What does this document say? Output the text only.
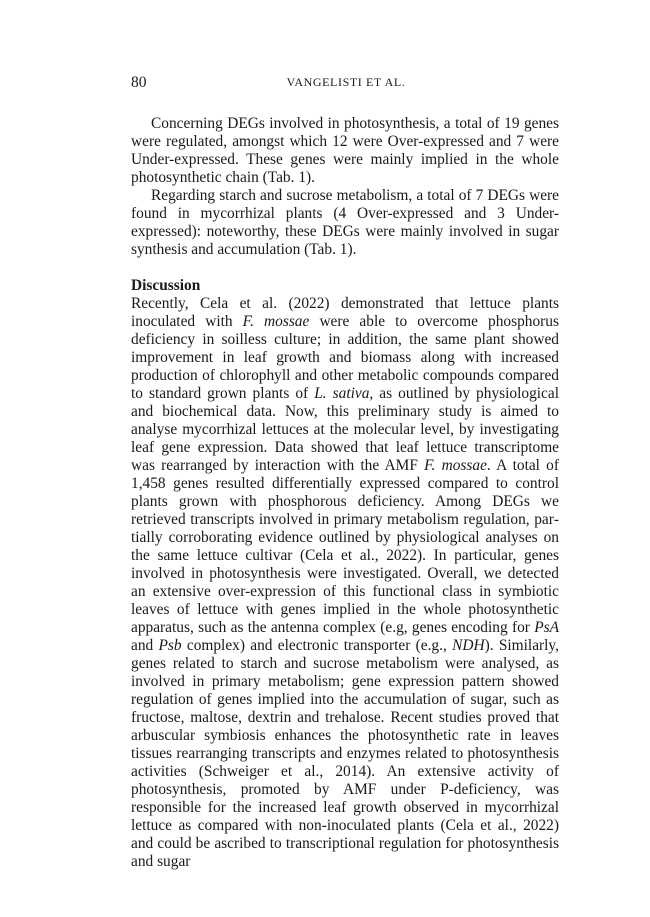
80	VANGELISTI ET AL.

Concerning DEGs involved in photosynthesis, a total of 19 genes were regulated, amongst which 12 were Over-expressed and 7 were Under-expressed. These genes were mainly implied in the whole photosynthetic chain (Tab. 1).

Regarding starch and sucrose metabolism, a total of 7 DEGs were found in mycorrhizal plants (4 Over-expressed and 3 Under-expressed): noteworthy, these DEGs were mainly involved in sugar synthesis and accumulation (Tab. 1).

Discussion

Recently, Cela et al. (2022) demonstrated that lettuce plants inoculated with F. mossae were able to overcome phosphorus deficiency in soilless culture; in addition, the same plant showed improvement in leaf growth and biomass along with increased production of chlorophyll and other metabolic compounds compared to standard grown plants of L. sativa, as outlined by physiological and biochemical data. Now, this preliminary study is aimed to analyse mycorrhizal lettuces at the molecular level, by investigating leaf gene expression. Data showed that leaf lettuce transcriptome was rearranged by interaction with the AMF F. mossae. A total of 1,458 genes resulted differentially expressed compared to control plants grown with phosphorous deficiency. Among DEGs we retrieved transcripts involved in primary metabolism regulation, partially corroborating evidence outlined by physiological analyses on the same lettuce cultivar (Cela et al., 2022). In particular, genes involved in photosynthesis were investigated. Overall, we detected an extensive over-expression of this functional class in symbiotic leaves of lettuce with genes implied in the whole photosynthetic apparatus, such as the antenna complex (e.g, genes encoding for PsA and Psb complex) and electronic transporter (e.g., NDH). Similarly, genes related to starch and sucrose metabolism were analysed, as involved in primary metabolism; gene expression pattern showed regulation of genes implied into the accumulation of sugar, such as fructose, maltose, dextrin and trehalose. Recent studies proved that arbuscular symbiosis enhances the photosynthetic rate in leaves tissues rearranging transcripts and enzymes related to photosynthesis activities (Schweiger et al., 2014). An extensive activity of photosynthesis, promoted by AMF under P-deficiency, was responsible for the increased leaf growth observed in mycorrhizal lettuce as compared with non-inoculated plants (Cela et al., 2022) and could be ascribed to transcriptional regulation for photosynthesis and sugar
